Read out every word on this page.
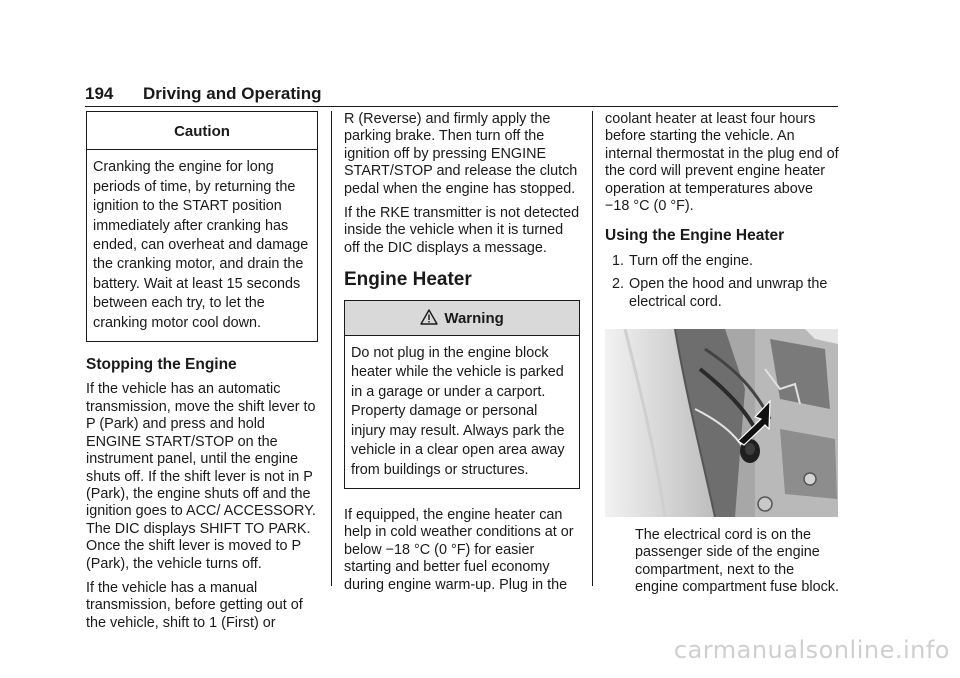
194 Driving and Operating
Caution
Cranking the engine for long periods of time, by returning the ignition to the START position immediately after cranking has ended, can overheat and damage the cranking motor, and drain the battery. Wait at least 15 seconds between each try, to let the cranking motor cool down.
Stopping the Engine

If the vehicle has an automatic transmission, move the shift lever to P (Park) and press and hold ENGINE START/STOP on the instrument panel, until the engine shuts off. If the shift lever is not in P (Park), the engine shuts off and the ignition goes to ACC/ ACCESSORY. The DIC displays SHIFT TO PARK. Once the shift lever is moved to P (Park), the vehicle turns off.

If the vehicle has a manual transmission, before getting out of the vehicle, shift to 1 (First) or

R (Reverse) and firmly apply the parking brake. Then turn off the ignition off by pressing ENGINE START/STOP and release the clutch pedal when the engine has stopped.

If the RKE transmitter is not detected inside the vehicle when it is turned off the DIC displays a message.

Engine Heater
Warning
Do not plug in the engine block heater while the vehicle is parked in a garage or under a carport. Property damage or personal injury may result. Always park the vehicle in a clear open area away from buildings or structures.

If equipped, the engine heater can help in cold weather conditions at or below −18 °C (0 °F) for easier starting and better fuel economy during engine warm-up. Plug in the

coolant heater at least four hours before starting the vehicle. An internal thermostat in the plug end of the cord will prevent engine heater operation at temperatures above −18 °C (0 °F).

Using the Engine Heater
1. Turn off the engine.
2. Open the hood and unwrap the electrical cord.

The electrical cord is on the passenger side of the engine compartment, next to the engine compartment fuse block.

carmanualsonline.info
